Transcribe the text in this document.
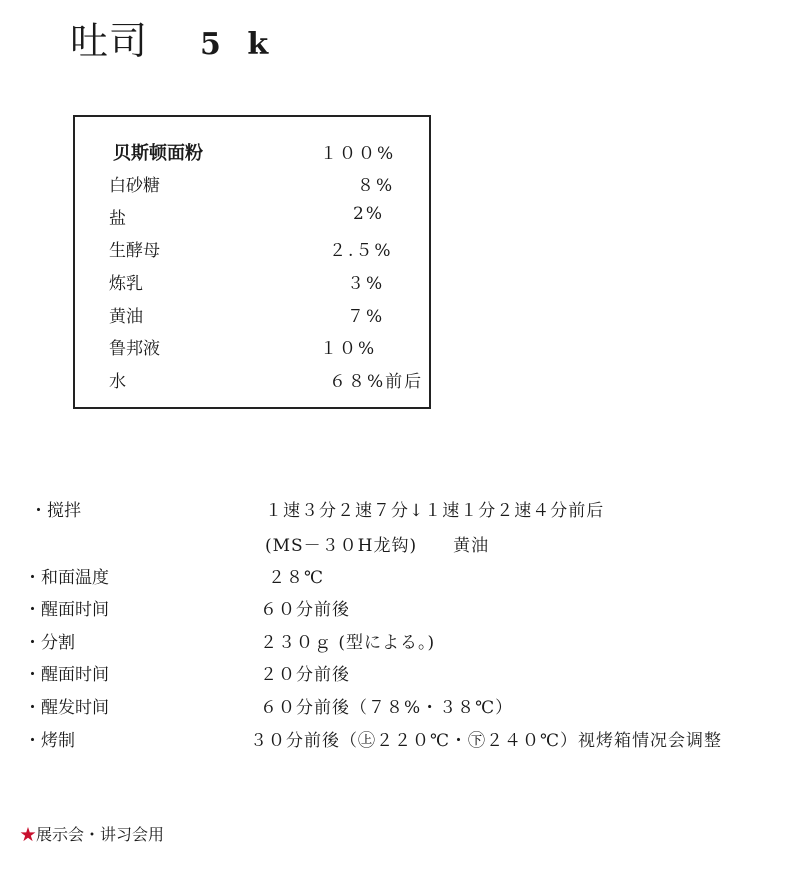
吐司 5 k
贝斯顿面粉	１００%
白砂糖	８%
盐	2%
生酵母	２.５%
炼乳	３%
黄油	７%
鲁邦液	１０%
水	６８%前后
・搅拌	１速３分２速７分↓１速１分２速４分前后
(MS－３０H龙钩)　　黄油
・和面温度	２８℃
・醒面时间	６０分前後
・分割	２３０ｇ (型による。)
・醒面时间	２０分前後
・醒发时间	６０分前後（７８%・３８℃）
・烤制	３０分前後（㊤２２０℃・㊦２４０℃）视烤箱情况会调整
★展示会・讲习会用
